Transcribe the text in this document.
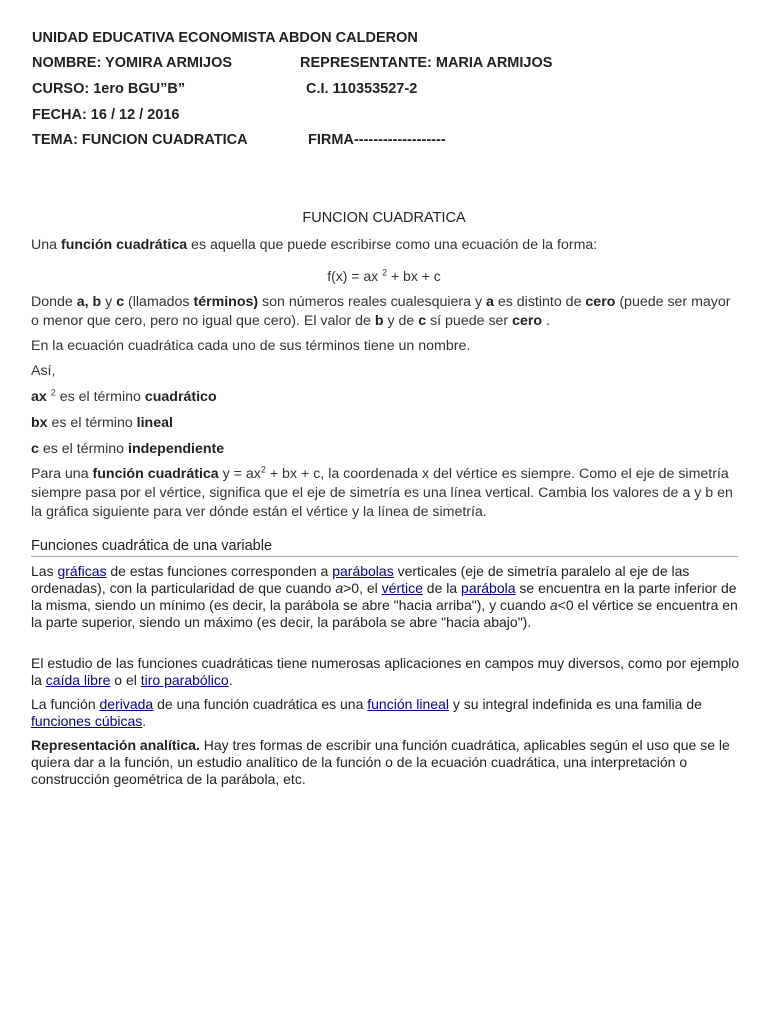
UNIDAD EDUCATIVA ECONOMISTA ABDON CALDERON
NOMBRE: YOMIRA ARMIJOS	REPRESENTANTE: MARIA ARMIJOS
CURSO: 1ero BGU”B”	C.I. 110353527-2
FECHA: 16 / 12 / 2016
TEMA: FUNCION CUADRATICA	FIRMA-------------------
FUNCION CUADRATICA
Una función cuadrática es aquella que puede escribirse como una ecuación de la forma:
f(x) = ax $^2$ + bx + c
Donde a, b y c (llamados términos) son números reales cualesquiera y a es distinto de cero (puede ser mayor o menor que cero, pero no igual que cero). El valor de b y de c sí puede ser cero .
En la ecuación cuadrática cada uno de sus términos tiene un nombre.
Así,
ax $^2$ es el término cuadrático
bx es el término lineal
c es el término independiente
Para una función cuadrática $y = ax^2$ + bx + c, la coordenada x del vértice es siempre. Como el eje de simetría siempre pasa por el vértice, significa que el eje de simetría es una línea vertical. Cambia los valores de a y b en la gráfica siguiente para ver dónde están el vértice y la línea de simetría.
Funciones cuadrática de una variable
Las gráficas de estas funciones corresponden a parábolas verticales (eje de simetría paralelo al eje de las ordenadas), con la particularidad de que cuando a>0, el vértice de la parábola se encuentra en la parte inferior de la misma, siendo un mínimo (es decir, la parábola se abre "hacia arriba"), y cuando a<0 el vértice se encuentra en la parte superior, siendo un máximo (es decir, la parábola se abre "hacia abajo").
El estudio de las funciones cuadráticas tiene numerosas aplicaciones en campos muy diversos, como por ejemplo la caída libre o el tiro parabólico.
La función derivada de una función cuadrática es una función lineal y su integral indefinida es una familia de funciones cúbicas.
Representación analítica. Hay tres formas de escribir una función cuadrática, aplicables según el uso que se le quiera dar a la función, un estudio analítico de la función o de la ecuación cuadrática, una interpretación o construcción geométrica de la parábola, etc.
